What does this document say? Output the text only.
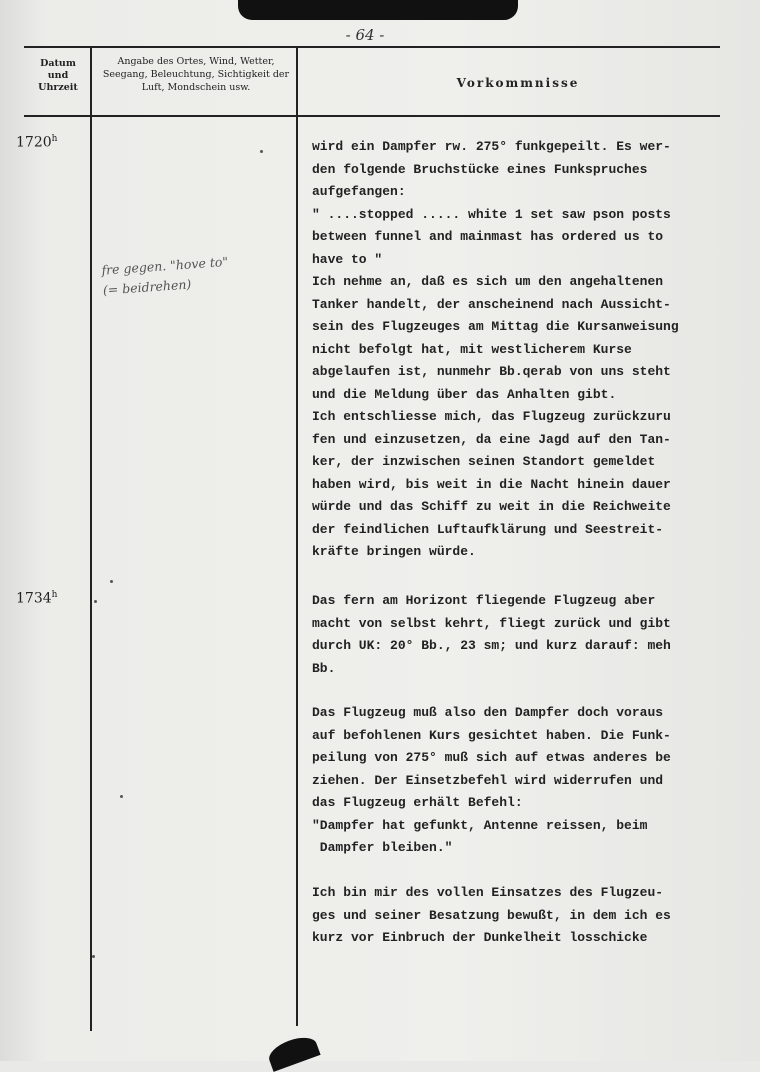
- 64 -
Datum
und
Uhrzeit
Angabe des Ortes, Wind, Wetter, Seegang, Beleuchtung, Sichtigkeit der Luft, Mondschein usw.	Vorkommnisse
1720$^h$
fre gegen. "hove to"
(= beidrehen)
wird ein Dampfer rw. 275° funkgepeilt. Es wer-
den folgende Bruchstücke eines Funkspruches
aufgefangen:
" ....stopped ..... white 1 set saw pson posts
between funnel and mainmast has ordered us to
have to "
Ich nehme an, daß es sich um den angehaltenen
Tanker handelt, der anscheinend nach Aussicht-
sein des Flugzeuges am Mittag die Kursanweisung
nicht befolgt hat, mit westlicherem Kurse
abgelaufen ist, nunmehr Bb.qerab von uns steht
und die Meldung über das Anhalten gibt.
Ich entschliesse mich, das Flugzeug zurückzuru
fen und einzusetzen, da eine Jagd auf den Tan-
ker, der inzwischen seinen Standort gemeldet
haben wird, bis weit in die Nacht hinein dauer
würde und das Schiff zu weit in die Reichweite
der feindlichen Luftaufklärung und Seestreit-
kräfte bringen würde.
1734$^h$	Das fern am Horizont fliegende Flugzeug aber
macht von selbst kehrt, fliegt zurück und gibt
durch UK: 20° Bb., 23 sm; und kurz darauf: meh
Bb.
Das Flugzeug muß also den Dampfer doch voraus
auf befohlenen Kurs gesichtet haben. Die Funk-
peilung von 275° muß sich auf etwas anderes be
ziehen. Der Einsetzbefehl wird widerrufen und
das Flugzeug erhält Befehl:
"Dampfer hat gefunkt, Antenne reissen, beim
Dampfer bleiben."
Ich bin mir des vollen Einsatzes des Flugzeu-
ges und seiner Besatzung bewußt, in dem ich es
kurz vor Einbruch der Dunkelheit losschicke
